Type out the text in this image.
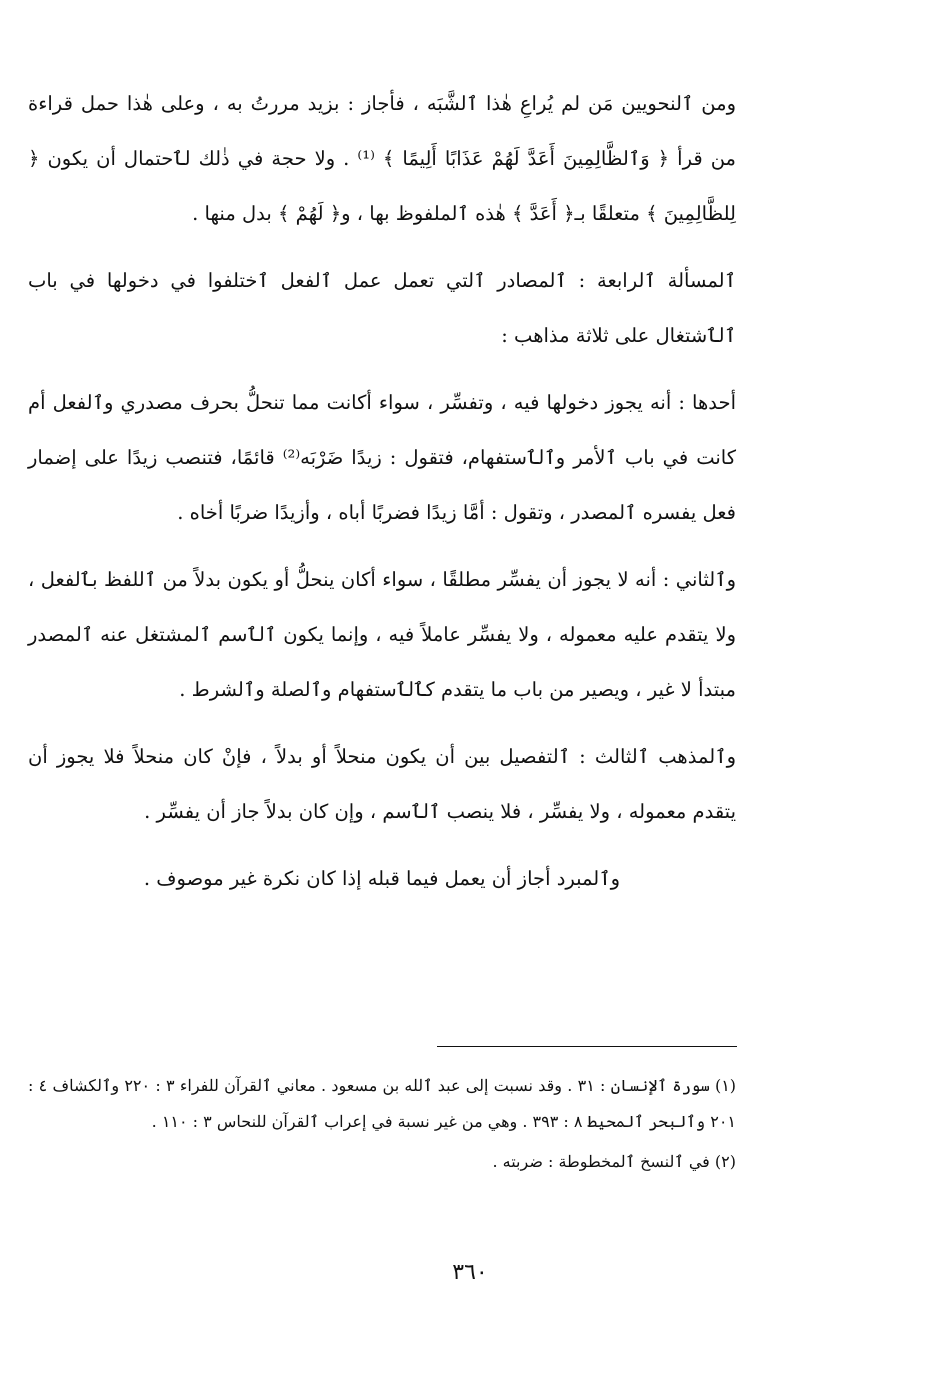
ومن ٱلنحويين مَن لم يُراعِ هٰذا ٱلشَّبَه ، فأجاز : بزيد مررتُ به ، وعلى هٰذا حمل قراءة من قرأ ﴿ وَٱلظَّالِمِينَ أَعَدَّ لَهُمْ عَذَابًا أَلِيمًا ﴾ ⁽¹⁾ . ولا حجة في ذٰلك لٱحتمال أن يكون ﴿ لِلظَّالِمِينَ ﴾ متعلقًا بـ﴿ أَعَدَّ ﴾ هٰذه ٱلملفوظ بها ، و﴿ لَهُمْ ﴾ بدل منها .

ٱلمسألة ٱلرابعة : ٱلمصادر ٱلتي تعمل عمل ٱلفعل ٱختلفوا في دخولها في باب ٱلٱشتغال على ثلاثة مذاهب :

أحدها : أنه يجوز دخولها فيه ، وتفسِّر ، سواء أكانت مما تنحلُّ بحرف مصدري وٱلفعل أم كانت في باب ٱلأمر وٱلٱستفهام، فتقول : زيدًا ضَرْبَه⁽²⁾ قائمًا، فتنصب زيدًا على إضمار فعل يفسره ٱلمصدر ، وتقول : أمَّا زيدًا فضربًا أباه ، وأزيدًا ضربًا أخاه .

وٱلثاني : أنه لا يجوز أن يفسِّر مطلقًا ، سواء أكان ينحلُّ أو يكون بدلاً من ٱللفظ بٱلفعل ، ولا يتقدم عليه معموله ، ولا يفسِّر عاملاً فيه ، وإنما يكون ٱلٱسم ٱلمشتغل عنه ٱلمصدر مبتدأ لا غير ، ويصير من باب ما يتقدم كٱلٱستفهام وٱلصلة وٱلشرط .

وٱلمذهب ٱلثالث : ٱلتفصيل بين أن يكون منحلاً أو بدلاً ، فإنْ كان منحلاً فلا يجوز أن يتقدم معموله ، ولا يفسِّر ، فلا ينصب ٱلٱسم ، وإن كان بدلاً جاز أن يفسِّر .

وٱلمبرد أجاز أن يعمل فيما قبله إذا كان نكرة غير موصوف .

(١) سورة ٱلإنسان : ٣١ . وقد نسبت إلى عبد ٱلله بن مسعود . معاني ٱلقرآن للفراء ٣ : ٢٢٠ وٱلكشاف ٤ : ٢٠١ وٱلبحر ٱلمحيط ٨ : ٣٩٣ . وهي من غير نسبة في إعراب ٱلقرآن للنحاس ٣ : ١١٠ .

(٢) في ٱلنسخ ٱلمخطوطة : ضربته .

٣٦٠
